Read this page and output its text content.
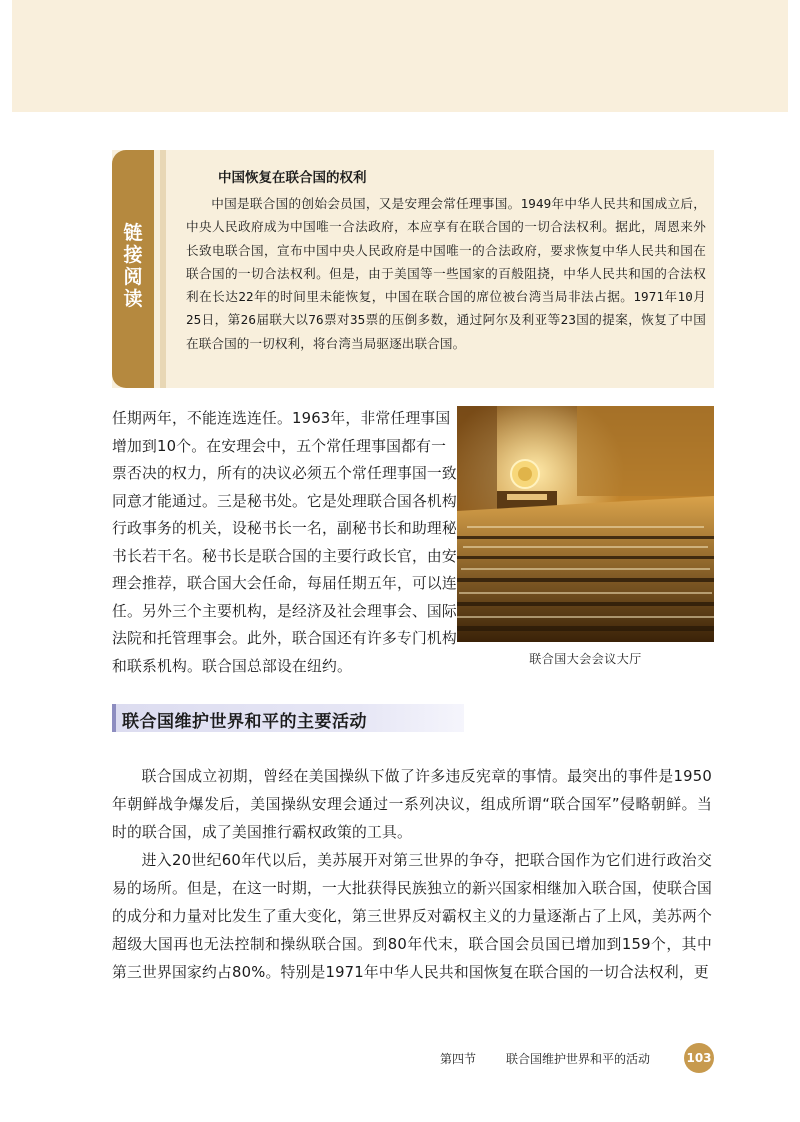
链
接
阅
读
中国恢复在联合国的权利

中国是联合国的创始会员国，又是安理会常任理事国。1949年中华人民共和国成立后，中央人民政府成为中国唯一合法政府，本应享有在联合国的一切合法权利。据此，周恩来外长致电联合国，宣布中国中央人民政府是中国唯一的合法政府，要求恢复中华人民共和国在联合国的一切合法权利。但是，由于美国等一些国家的百般阻挠，中华人民共和国的合法权利在长达22年的时间里未能恢复，中国在联合国的席位被台湾当局非法占据。1971年10月25日，第26届联大以76票对35票的压倒多数，通过阿尔及利亚等23国的提案，恢复了中国在联合国的一切权利，将台湾当局驱逐出联合国。

任期两年，不能连选连任。1963年，非常任理事国增加到10个。在安理会中，五个常任理事国都有一票否决的权力，所有的决议必须五个常任理事国一致同意才能通过。三是秘书处。它是处理联合国各机构行政事务的机关，设秘书长一名，副秘书长和助理秘书长若干名。秘书长是联合国的主要行政长官，由安理会推荐，联合国大会任命，每届任期五年，可以连任。另外三个主要机构，是经济及社会理事会、国际法院和托管理事会。此外，联合国还有许多专门机构和联系机构。联合国总部设在纽约。	联合国大会会议大厅
联合国维护世界和平的主要活动

联合国成立初期，曾经在美国操纵下做了许多违反宪章的事情。最突出的事件是1950年朝鲜战争爆发后，美国操纵安理会通过一系列决议，组成所谓“联合国军”侵略朝鲜。当时的联合国，成了美国推行霸权政策的工具。

进入20世纪60年代以后，美苏展开对第三世界的争夺，把联合国作为它们进行政治交易的场所。但是，在这一时期，一大批获得民族独立的新兴国家相继加入联合国，使联合国的成分和力量对比发生了重大变化，第三世界反对霸权主义的力量逐渐占了上风，美苏两个超级大国再也无法控制和操纵联合国。到80年代末，联合国会员国已增加到159个，其中第三世界国家约占80%。特别是1971年中华人民共和国恢复在联合国的一切合法权利，更

第四节 联合国维护世界和平的活动	103
